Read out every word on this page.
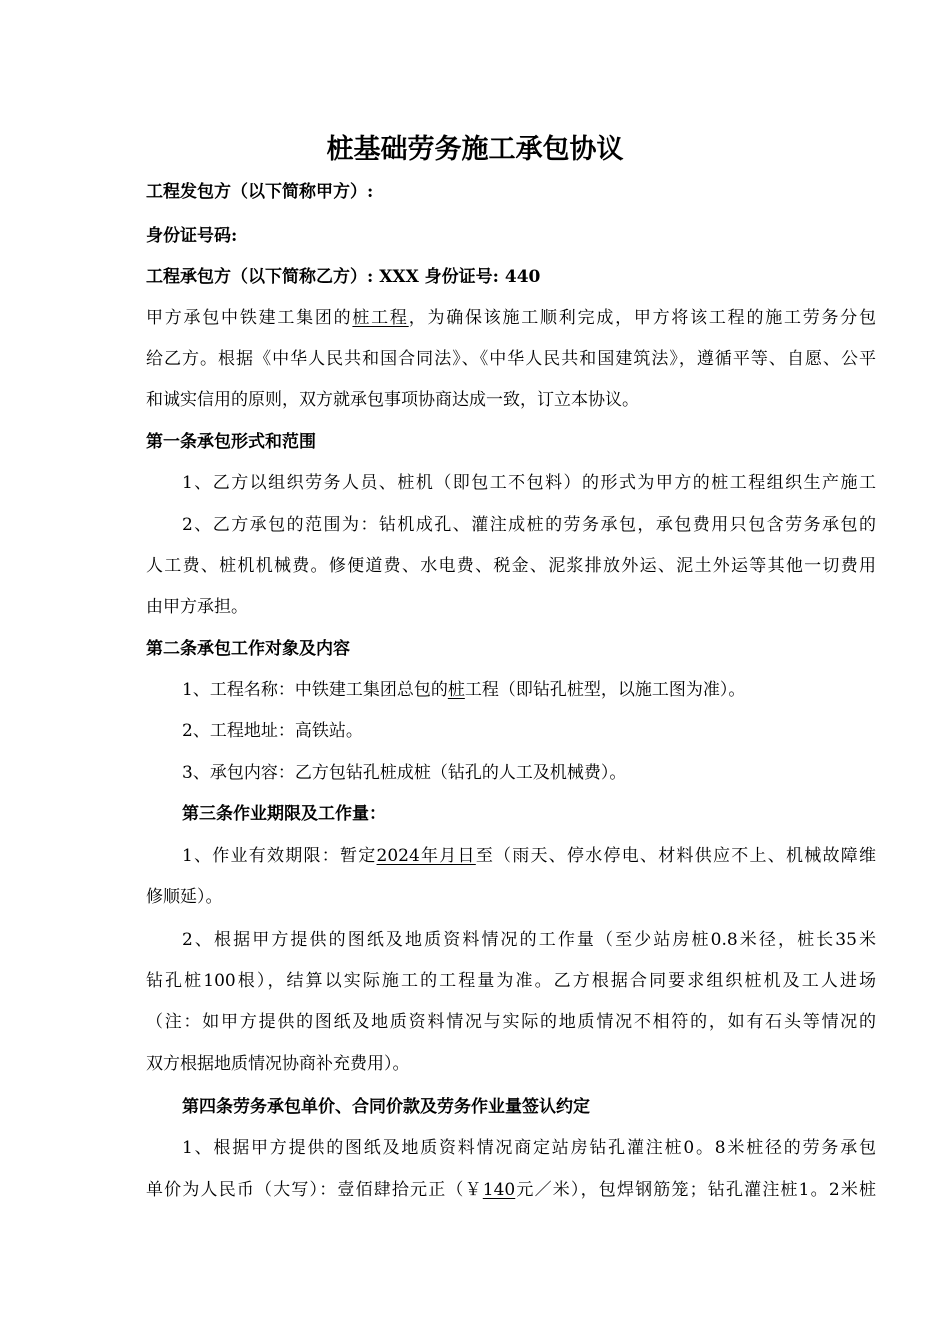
桩基础劳务施工承包协议
工程发包方（以下简称甲方）:
身份证号码:
工程承包方（以下简称乙方）: XXX 身份证号: 440
甲方承包中铁建工集团的桩工程，为确保该施工顺利完成，甲方将该工程的施工劳务分包
给乙方。根据《中华人民共和国合同法》、《中华人民共和国建筑法》，遵循平等、自愿、公平
和诚实信用的原则，双方就承包事项协商达成一致，订立本协议。
第一条承包形式和范围
1、乙方以组织劳务人员、桩机（即包工不包料）的形式为甲方的桩工程组织生产施工
2、乙方承包的范围为：钻机成孔、灌注成桩的劳务承包，承包费用只包含劳务承包的
人工费、桩机机械费。修便道费、水电费、税金、泥浆排放外运、泥土外运等其他一切费用
由甲方承担。
第二条承包工作对象及内容
1、工程名称：中铁建工集团总包的桩工程（即钻孔桩型，以施工图为准）。
2、工程地址：高铁站。
3、承包内容：乙方包钻孔桩成桩（钻孔的人工及机械费）。
第三条作业期限及工作量：
1、作业有效期限：暂定2024年月日至（雨天、停水停电、材料供应不上、机械故障维
修顺延）。
2、根据甲方提供的图纸及地质资料情况的工作量（至少站房桩0.8米径，桩长35米
钻孔桩100根），结算以实际施工的工程量为准。乙方根据合同要求组织桩机及工人进场
（注：如甲方提供的图纸及地质资料情况与实际的地质情况不相符的，如有石头等情况的
双方根据地质情况协商补充费用）。
第四条劳务承包单价、合同价款及劳务作业量签认约定
1、根据甲方提供的图纸及地质资料情况商定站房钻孔灌注桩0。8米桩径的劳务承包
单价为人民币（大写）：壹佰肆拾元正（￥140元／米），包焊钢筋笼；钻孔灌注桩1。2米桩
